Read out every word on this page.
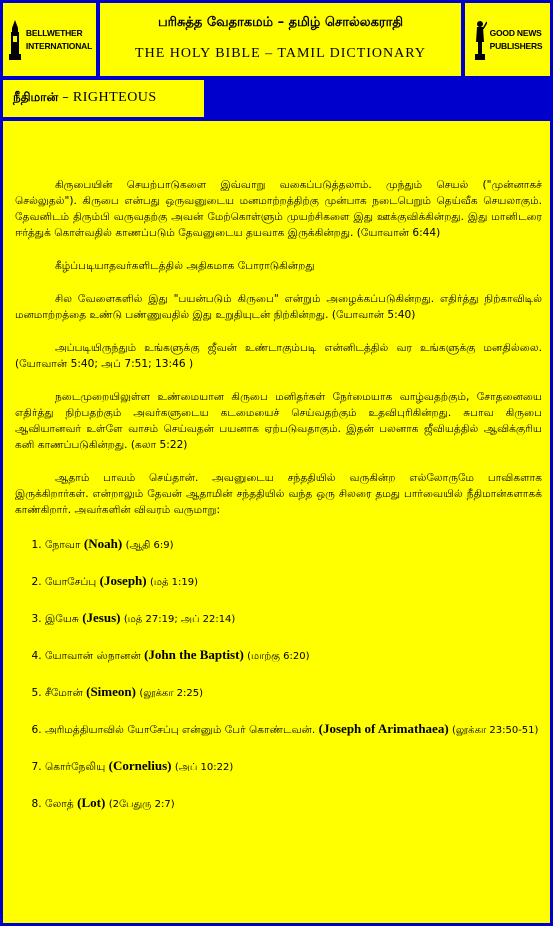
BELLWETHER
INTERNATIONAL
பரிசுத்த வேதாகமம் – தமிழ் சொல்லகராதி
THE HOLY BIBLE – TAMIL DICTIONARY
GOOD NEWS
PUBLISHERS
நீதிமான் – RIGHTEOUS

கிருபையின் செயற்பாடுகளை இவ்வாறு வகைப்படுத்தலாம். முந்தும் செயல் ("முன்னாகச் செல்லுதல்"). கிருபை என்பது ஒருவனுடைய மனமாற்றத்திற்கு முன்பாக நடைபெறும் தெய்வீக செயலாகும். தேவனிடம் திரும்பி வருவதற்கு அவன் மேற்கொள்ளும் முயற்சிகளை இது ஊக்குவிக்கின்றது. இது மானிடரை ஈர்த்துக் கொள்வதில் காணப்படும் தேவனுடைய தயவாக இருக்கின்றது. (யோவான் 6:44)

கீழ்ப்படியாதவர்களிடத்தில் அதிகமாக போராடுகின்றது

சில வேளைகளில் இது "பயன்படும் கிருபை" என்றும் அழைக்கப்படுகின்றது. எதிர்த்து நிற்காவிடில் மனமாற்றத்தை உண்டு பண்ணுவதில் இது உறுதியுடன் நிற்கின்றது. (யோவான் 5:40)

அப்படியிருந்தும் உங்களுக்கு ஜீவன் உண்டாகும்படி என்னிடத்தில் வர உங்களுக்கு மனதில்லை. (யோவான் 5:40; அப் 7:51; 13:46 )

நடைமுறையிலுள்ள உண்மையான கிருபை மனிதர்கள் நேர்மையாக வாழ்வதற்கும், சோதனையை எதிர்த்து நிற்பதற்கும் அவர்களுடைய கடமையைச் செய்வதற்கும் உதவிபுரிகின்றது. சுபாவ கிருபை ஆவியானவர் உள்ளே வாசம் செய்வதன் பயனாக ஏற்படுவதாகும். இதன் பலனாக ஜீவியத்தில் ஆவிக்குரிய கனி காணப்படுகின்றது. (கலா 5:22)

ஆதாம் பாவம் செய்தான். அவனுடைய சந்ததியில் வருகின்ற எல்லோருமே பாவிகளாக இருக்கிறார்கள். என்றாலும் தேவன் ஆதாமின் சந்ததியில் வந்த ஒரு சிலரை தமது பார்வையில் நீதிமான்களாகக் காண்கிறார். அவர்களின் விவரம் வருமாறு:

1. நோவா (Noah) (ஆதி 6:9)
2. யோசேப்பு (Joseph) (மத் 1:19)
3. இயேசு (Jesus) (மத் 27:19; அப் 22:14)
4. யோவான் ஸ்நானன் (John the Baptist) (மாற்கு 6:20)
5. சீமோன் (Simeon) (லூக்கா 2:25)
6. அரிமத்தியாவில் யோசேப்பு என்னும் பேர் கொண்டவன். (Joseph of Arimathaea) (லூக்கா 23:50-51)
7. கொர்நேலியு (Cornelius) (அப் 10:22)
8. லோத் (Lot) (2பேதுரு 2:7)
